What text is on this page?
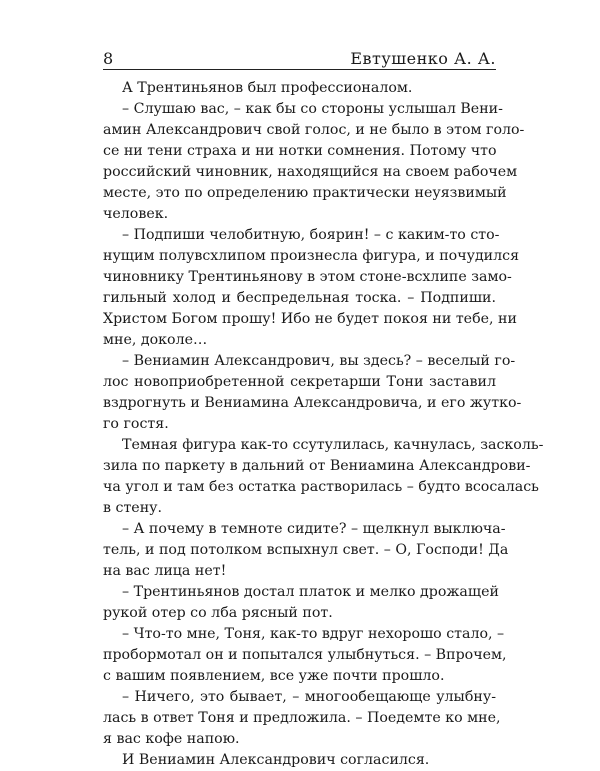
8	Евтушенко А. А.
А Трентиньянов был профессионалом.
– Слушаю вас, – как бы со стороны услышал Вени-
амин Александрович свой голос, и не было в этом голо-
се ни тени страха и ни нотки сомнения. Потому что
российский чиновник, находящийся на своем рабочем
месте, это по определению практически неуязвимый
человек.
– Подпиши челобитную, боярин! – с каким-то сто-
нущим полувсхлипом произнесла фигура, и почудился
чиновнику Трентиньянову в этом стоне-всхлипе замо-
гильный холод и беспредельная тоска. – Подпиши.
Христом Богом прошу! Ибо не будет покоя ни тебе, ни
мне, доколе…
– Вениамин Александрович, вы здесь? – веселый го-
лос новоприобретенной секретарши Тони заставил
вздрогнуть и Вениамина Александровича, и его жутко-
го гостя.
Темная фигура как-то ссутулилась, качнулась, засколь-
зила по паркету в дальний от Вениамина Александрови-
ча угол и там без остатка растворилась – будто всосалась
в стену.
– А почему в темноте сидите? – щелкнул выключа-
тель, и под потолком вспыхнул свет. – О, Господи! Да
на вас лица нет!
– Трентиньянов достал платок и мелко дрожащей
рукой отер со лба рясный пот.
– Что-то мне, Тоня, как-то вдруг нехорошо стало, –
пробормотал он и попытался улыбнуться. – Впрочем,
с вашим появлением, все уже почти прошло.
– Ничего, это бывает, – многообещающе улыбну-
лась в ответ Тоня и предложила. – Поедемте ко мне,
я вас кофе напою.
И Вениамин Александрович согласился.
